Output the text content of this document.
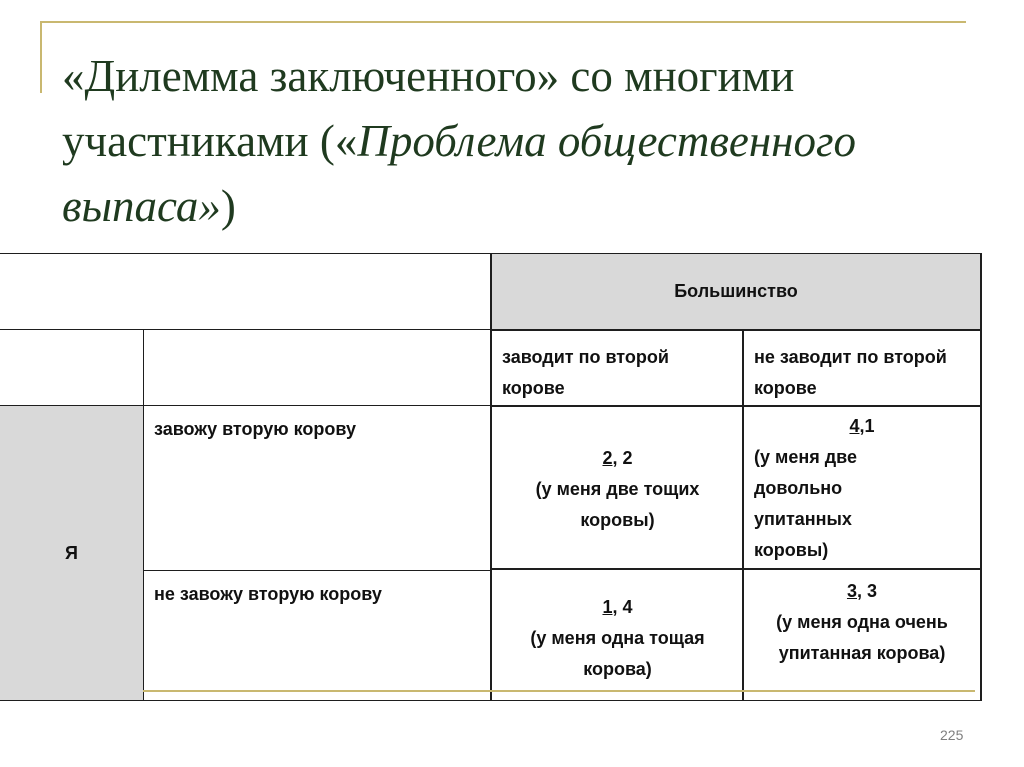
«Дилемма заключенного» со многими участниками («Проблема общественного выпаса»)
Большинство
заводит по второй корове
не заводит по второй корове
Я
завожу вторую корову
2, 2
(у меня две тощих коровы)
4,1
(у меня две довольно упитанных коровы)
не завожу вторую корову
1, 4
(у меня одна тощая корова)
3, 3
(у меня одна очень упитанная корова)
225
